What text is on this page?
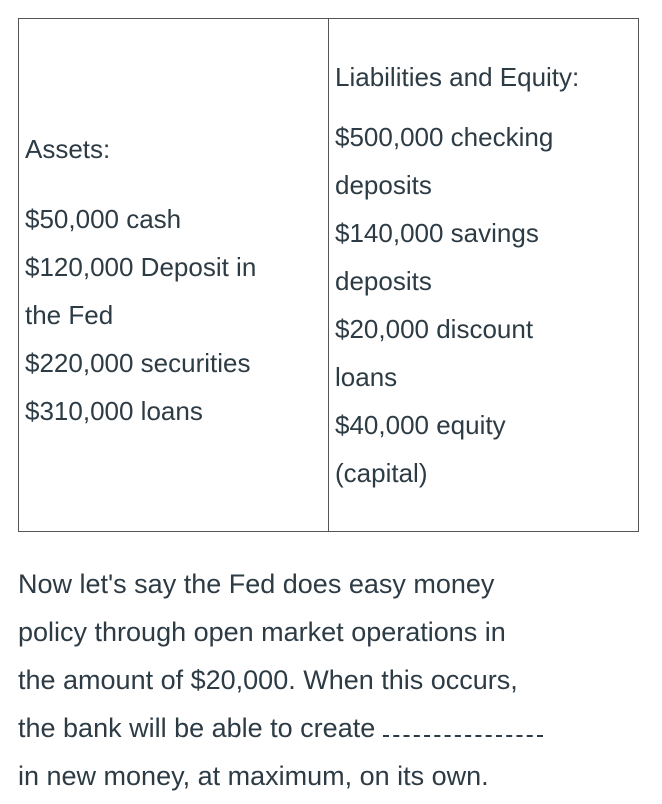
Assets:
$50,000 cash
$120,000 Deposit in
the Fed
$220,000 securities
$310,000 loans
Liabilities and Equity:
$500,000 checking
deposits
$140,000 savings
deposits
$20,000 discount
loans
$40,000 equity
(capital)
Now let's say the Fed does easy money
policy through open market operations in
the amount of $20,000. When this occurs,
the bank will be able to create
in new money, at maximum, on its own.
